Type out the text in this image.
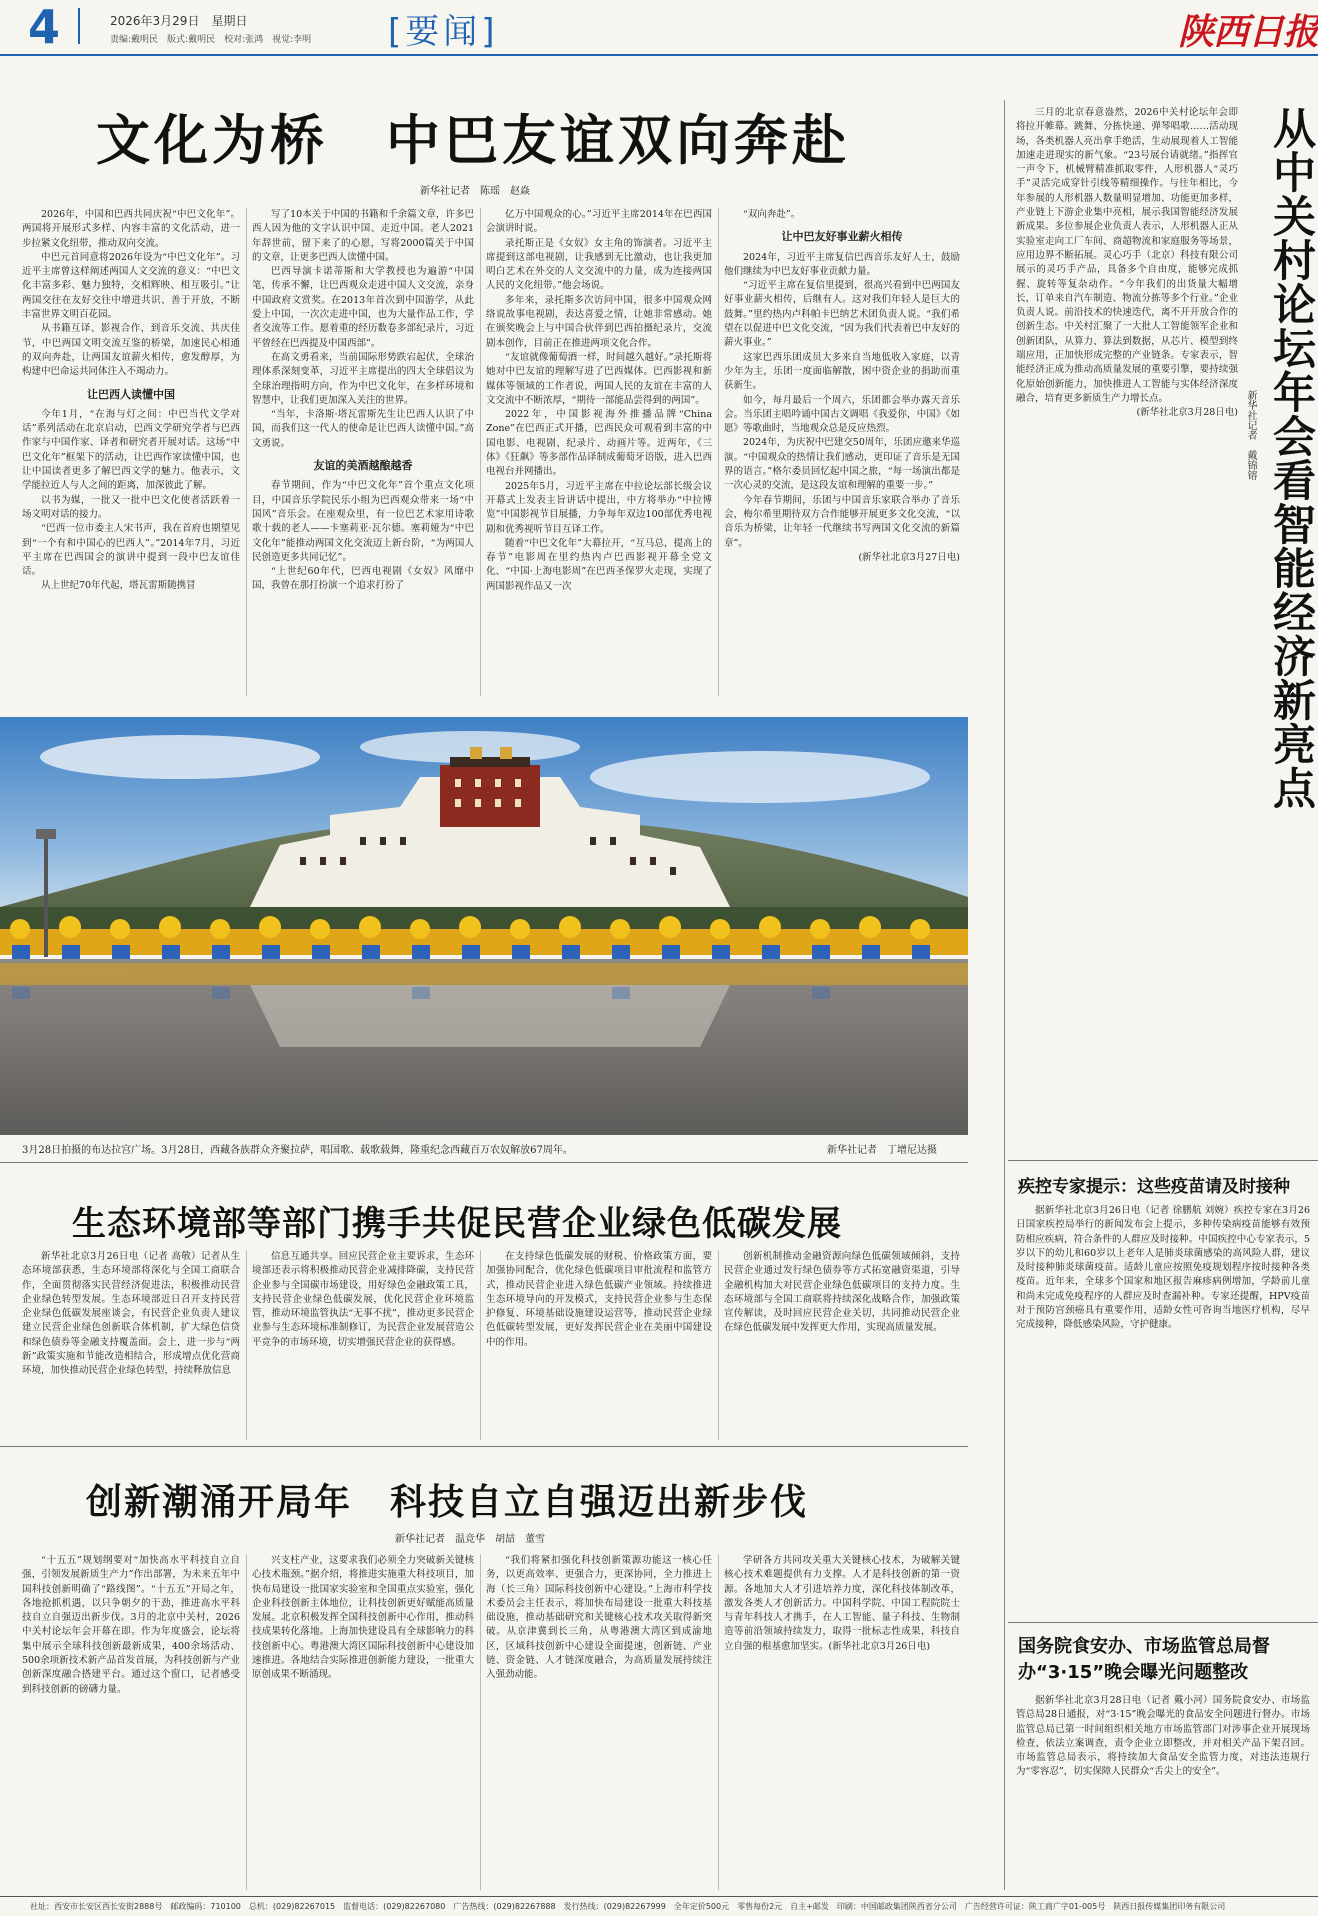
4	2026年3月29日　星期日
责编:戴明民　版式:戴明民　校对:张鸿　视觉:李明 [要闻]	陕西日报
文化为桥　中巴友谊双向奔赴
新华社记者　陈瑶　赵焱

2026年，中国和巴西共同庆祝“中巴文化年”。两国将开展形式多样、内容丰富的文化活动，进一步拉紧文化纽带，推动双向交流。

中巴元首同意将2026年设为“中巴文化年”。习近平主席曾这样阐述两国人文交流的意义：“中巴文化丰富多彩、魅力独特，交相辉映、相互吸引。”让两国交往在友好交往中增进共识、善于开放，不断丰富世界文明百花园。

从书籍互译、影视合作，到音乐交流、共庆佳节，中巴两国文明交流互鉴的桥梁，加速民心相通的双向奔赴，让两国友谊薪火相传，愈发醇厚，为构建中巴命运共同体注入不竭动力。

让巴西人读懂中国

今年1月，“在海与灯之间：中巴当代文学对话”系列活动在北京启动，巴西文学研究学者与巴西作家与中国作家、译者和研究者开展对话。这场“中巴文化年”框架下的活动，让巴西作家读懂中国，也让中国读者更多了解巴西文学的魅力。他表示，文学能拉近人与人之间的距离，加深彼此了解。

以书为媒，一批又一批中巴文化使者活跃着一场文明对话的接力。

“巴西一位市委主人宋书声，我在首府也期望见到“一个有和中国心的巴西人”。”2014年7月，习近平主席在巴西国会的演讲中提到一段中巴友谊佳话。

从上世纪70年代起，塔瓦雷斯随携冒

写了10本关于中国的书籍和千余篇文章，许多巴西人因为他的文字认识中国、走近中国。老人2021年辞世前，留下来了的心愿，写将2000篇关于中国的文章，让更多巴西人读懂中国。

巴西导演卡诺蒂斯和大学教授也为遍游“中国笔，传承不懈，让巴西观众走进中国人文交流，亲身中国政府文赏奖。在2013年首次到中国游学，从此爱上中国，一次次走进中国，也为大量作品工作，学者交流等工作。愿着重的经历数卷多部纪录片，习近平曾经在巴西提及中国西部”。

在高文勇看来，当前国际形势跌宕起伏，全球治理体系深刻变革，习近平主席提出的四大全球倡议为全球治理指明方向，作为中巴文化年，在多样环境和智慧中，让我们更加深入关注的世界。

“当年，卡洛斯·塔瓦雷斯先生让巴西人认识了中国，而我们这一代人的使命是让巴西人读懂中国。”高文勇说。

友谊的美酒越酿越香

春节期间，作为“中巴文化年”首个重点文化项目，中国音乐学院民乐小组为巴西观众带来一场“中国风”音乐会。在座观众里，有一位巴艺术家用诗歌歌十载的老人——卡塞莉亚·瓦尔德。塞莉娅为“中巴文化年”能推动两国文化交流迈上新台阶，“为两国人民创造更多共同记忆”。

“上世纪60年代，巴西电视剧《女奴》风靡中国，我曾在那打扮演一个追求打扮了

亿万中国观众的心。”习近平主席2014年在巴西国会演讲时说。

录托斯正是《女奴》女主角的饰演者。习近平主席提到这部电视剧，让我感到无比激动，也让我更加明白艺术在外交的人文交流中的力量，成为连接两国人民的文化纽带。”他会场说。

多年来，录托斯多次访问中国，很多中国观众网络说故事电视剧，表达喜爱之情，让她非常感动。她在颁奖晚会上与中国合伙伴到巴西拍摄纪录片，交流剧本创作，目前正在推进两项文化合作。

“友谊就像葡萄酒一样，时间越久越好。”录托斯将她对中巴友谊的理解写进了巴西媒体。巴西影视和新媒体等领域的工作者说，两国人民的友谊在丰富的人文交流中不断浓厚，“期待一部能品尝得到的两国”。

2022年，中国影视海外推播品牌“China Zone”在巴西正式开播，巴西民众可观看到丰富的中国电影、电视剧、纪录片、动画片等。近两年，《三体》《狂飙》等多部作品译制成葡萄牙语版，进入巴西电视台并网播出。

2025年5月，习近平主席在中拉论坛部长级会议开幕式上发表主旨讲话中提出，中方将举办“中拉博览”中国影视节目展播，力争每年双边100部优秀电视剧和优秀视听节目互译工作。

随着“中巴文化年”大幕拉开，“互马总，提高上的春节”电影周在里约热内卢巴西影视开幕全党文化、“中国·上海电影周”在巴西圣保罗火走现，实现了两国影视作品又一次

“双向奔赴”。

让中巴友好事业薪火相传

2024年，习近平主席复信巴西音乐友好人士，鼓励他们继续为中巴友好事业贡献力量。

“习近平主席在复信里提到，很高兴看到中巴两国友好事业薪火相传，后继有人。这对我们年轻人是巨大的鼓舞。”里约热内卢科帕卡巴纳艺术团负责人说。“我们希望在以促进中巴文化交流，“因为我们代表着巴中友好的薪火事业。”

这家巴西乐团成员大多来自当地低收入家庭，以青少年为主，乐团一度面临解散，困中资企业的捐助而重获新生。

如今，每月最后一个周六，乐团都会举办露天音乐会。当乐团主唱吟诵中国古文调唱《我爱你，中国》《如愿》等歌曲时，当地观众总是反应热烈。

2024年，为庆祝中巴建交50周年，乐团应邀来华巡演。“中国观众的热情让我们感动，更印证了音乐是无国界的语言。”格尔委员回忆起中国之旅，“每一场演出都是一次心灵的交流，是这段友谊和理解的重要一步。”

今年春节期间，乐团与中国音乐家联合举办了音乐会，梅尔希里期待双方合作能够开展更多文化交流，“以音乐为桥梁，让年轻一代继续书写两国文化交流的新篇章”。

(新华社北京3月27日电)

3月28日拍摄的布达拉宫广场。3月28日，西藏各族群众齐聚拉萨，唱国歌、载歌载舞，隆重纪念西藏百万农奴解放67周年。	新华社记者　丁增尼达摄
生态环境部等部门携手共促民营企业绿色低碳发展

新华社北京3月26日电（记者 高敬）记者从生态环境部获悉，生态环境部将深化与全国工商联合作，全面贯彻落实民营经济促进法，积极推动民营企业绿色转型发展。生态环境部近日召开支持民营企业绿色低碳发展座谈会，有民营企业负责人建议建立民营企业绿色创新联合体机制，扩大绿色信贷和绿色债券等金融支持覆盖面。会上，进一步与“两新”政策实施和节能改造相结合，形成增点优化营商环境，加快推动民营企业绿色转型，持续释放信息

信息互通共享。回应民营企业主要诉求，生态环境部还表示将积极推动民营企业减排降碳，支持民营企业参与全国碳市场建设，用好绿色金融政策工具，支持民营企业绿色低碳发展，优化民营企业环境监管，推动环境监管执法“无事不扰”，推动更多民营企业参与生态环境标准制修订，为民营企业发展营造公平竞争的市场环境，切实增强民营企业的获得感。

在支持绿色低碳发展的财税、价格政策方面，要加强协同配合，优化绿色低碳项目审批流程和监管方式，推动民营企业进入绿色低碳产业领域。持续推进生态环境导向的开发模式，支持民营企业参与生态保护修复、环境基础设施建设运营等，推动民营企业绿色低碳转型发展，更好发挥民营企业在美丽中国建设中的作用。

创新机制推动金融资源向绿色低碳领域倾斜，支持民营企业通过发行绿色债券等方式拓宽融资渠道，引导金融机构加大对民营企业绿色低碳项目的支持力度。生态环境部与全国工商联将持续深化战略合作，加强政策宣传解读，及时回应民营企业关切，共同推动民营企业在绿色低碳发展中发挥更大作用，实现高质量发展。

创新潮涌开局年　科技自立自强迈出新步伐
新华社记者　温竞华　胡喆　董雪

“十五五”规划纲要对“加快高水平科技自立自强，引领发展新质生产力”作出部署，为未来五年中国科技创新明确了“路线图”。“十五五”开局之年，各地抢抓机遇，以只争朝夕的干劲，推进高水平科技自立自强迈出新步伐。3月的北京中关村，2026中关村论坛年会开幕在即。作为年度盛会，论坛将集中展示全球科技创新最新成果，400余场活动、500余项新技术新产品首发首展，为科技创新与产业创新深度融合搭建平台。通过这个窗口，记者感受到科技创新的磅礴力量。

兴支柱产业，这要求我们必须全力突破新关键核心技术瓶颈。”据介绍，将推进实施重大科技项目，加快布局建设一批国家实验室和全国重点实验室，强化企业科技创新主体地位，让科技创新更好赋能高质量发展。北京积极发挥全国科技创新中心作用，推动科技成果转化落地。上海加快建设具有全球影响力的科技创新中心。粤港澳大湾区国际科技创新中心建设加速推进。各地结合实际推进创新能力建设，一批重大原创成果不断涌现。

“我们将紧扣强化科技创新策源功能这一核心任务，以更高效率、更强合力，更深协同，全力推进上海（长三角）国际科技创新中心建设。”上海市科学技术委员会主任表示，将加快布局建设一批重大科技基础设施，推动基础研究和关键核心技术攻关取得新突破。从京津冀到长三角，从粤港澳大湾区到成渝地区，区域科技创新中心建设全面提速，创新链、产业链、资金链、人才链深度融合，为高质量发展持续注入强劲动能。

学研各方共同攻关重大关键核心技术，为破解关键核心技术难题提供有力支撑。人才是科技创新的第一资源。各地加大人才引进培养力度，深化科技体制改革，激发各类人才创新活力。中国科学院、中国工程院院士与青年科技人才携手，在人工智能、量子科技、生物制造等前沿领域持续发力，取得一批标志性成果，科技自立自强的根基愈加坚实。(新华社北京3月26日电)

从中关村论坛年会看智能经济新亮点
新华社记者　戴锦镕

三月的北京春意盎然，2026中关村论坛年会即将拉开帷幕。跳舞、分拣快递、弹琴唱歌……活动现场，各类机器人亮出拿手绝活，生动展现着人工智能加速走进现实的新气象。“23号展台请就绪。”指挥官一声令下，机械臂精准抓取零件，人形机器人“灵巧手”灵活完成穿针引线等精细操作。与往年相比，今年参展的人形机器人数量明显增加、功能更加多样，产业链上下游企业集中亮相，展示我国智能经济发展新成果。多位参展企业负责人表示，人形机器人正从实验室走向工厂车间、商超物流和家庭服务等场景，应用边界不断拓展。灵心巧手（北京）科技有限公司展示的灵巧手产品，具备多个自由度，能够完成抓握、旋转等复杂动作。“今年我们的出货量大幅增长，订单来自汽车制造、物流分拣等多个行业。”企业负责人说。前沿技术的快速迭代，离不开开放合作的创新生态。中关村汇聚了一大批人工智能领军企业和创新团队，从算力、算法到数据，从芯片、模型到终端应用，正加快形成完整的产业链条。专家表示，智能经济正成为推动高质量发展的重要引擎，要持续强化原始创新能力，加快推进人工智能与实体经济深度融合，培育更多新质生产力增长点。

(新华社北京3月28日电)

疾控专家提示：这些疫苗请及时接种

据新华社北京3月26日电（记者 徐鹏航 刘婉）疾控专家在3月26日国家疾控局举行的新闻发布会上提示，多种传染病疫苗能够有效预防相应疾病，符合条件的人群应及时接种。中国疾控中心专家表示，5岁以下的幼儿和60岁以上老年人是肺炎球菌感染的高风险人群，建议及时接种肺炎球菌疫苗。适龄儿童应按照免疫规划程序按时接种各类疫苗。近年来，全球多个国家和地区报告麻疹病例增加，学龄前儿童和尚未完成免疫程序的人群应及时查漏补种。专家还提醒，HPV疫苗对于预防宫颈癌具有重要作用，适龄女性可咨询当地医疗机构，尽早完成接种，降低感染风险，守护健康。

国务院食安办、市场监管总局督办“3·15”晚会曝光问题整改

据新华社北京3月28日电（记者 戴小河）国务院食安办、市场监管总局28日通报，对“3·15”晚会曝光的食品安全问题进行督办。市场监管总局已第一时间组织相关地方市场监管部门对涉事企业开展现场检查，依法立案调查，责令企业立即整改，并对相关产品下架召回。市场监管总局表示，将持续加大食品安全监管力度，对违法违规行为“零容忍”，切实保障人民群众“舌尖上的安全”。

社址：西安市长安区西长安街2888号　邮政编码：710100　总机：(029)82267015　监督电话：(029)82267080　广告热线：(029)82267888　发行热线：(029)82267999　全年定价500元　零售每份2元　自主+邮发　印刷：中国邮政集团陕西省分公司　广告经营许可证：陕工商广字01-005号　陕西日报传媒集团印务有限公司
